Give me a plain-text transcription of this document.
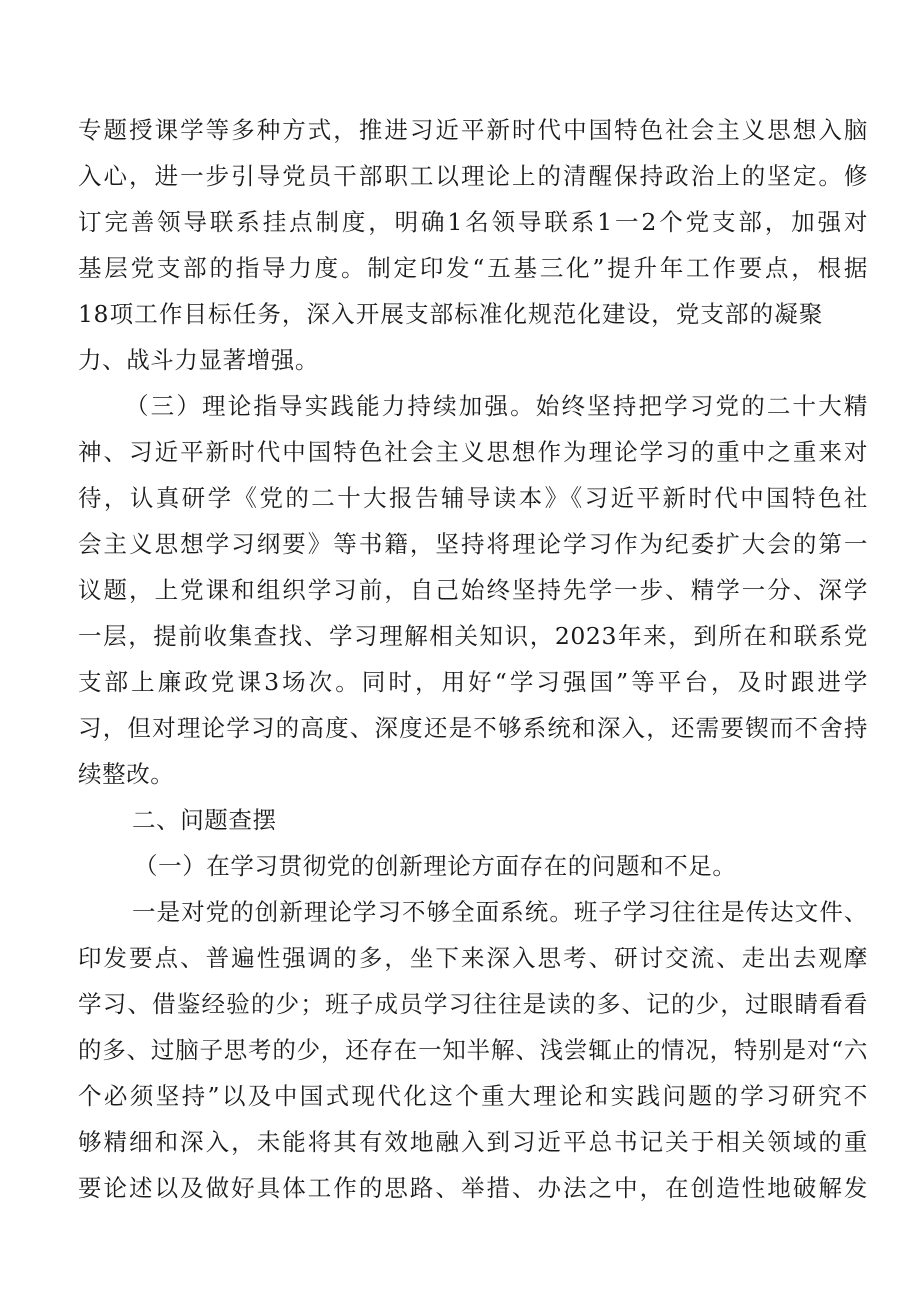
专题授课学等多种方式，推进习近平新时代中国特色社会主义思想入脑
入心，进一步引导党员干部职工以理论上的清醒保持政治上的坚定。修
订完善领导联系挂点制度，明确1名领导联系1一2个党支部，加强对
基层党支部的指导力度。制定印发“五基三化”提升年工作要点，根据
18项工作目标任务，深入开展支部标准化规范化建设，党支部的凝聚
力、战斗力显著增强。
（三）理论指导实践能力持续加强。始终坚持把学习党的二十大精
神、习近平新时代中国特色社会主义思想作为理论学习的重中之重来对
待，认真研学《党的二十大报告辅导读本》《习近平新时代中国特色社
会主义思想学习纲要》等书籍，坚持将理论学习作为纪委扩大会的第一
议题，上党课和组织学习前，自己始终坚持先学一步、精学一分、深学
一层，提前收集查找、学习理解相关知识，2023年来，到所在和联系党
支部上廉政党课3场次。同时，用好“学习强国”等平台，及时跟进学
习，但对理论学习的高度、深度还是不够系统和深入，还需要锲而不舍持
续整改。
二、问题查摆
（一）在学习贯彻党的创新理论方面存在的问题和不足。
一是对党的创新理论学习不够全面系统。班子学习往往是传达文件、
印发要点、普遍性强调的多，坐下来深入思考、研讨交流、走出去观摩
学习、借鉴经验的少；班子成员学习往往是读的多、记的少，过眼睛看看
的多、过脑子思考的少，还存在一知半解、浅尝辄止的情况，特别是对“六
个必须坚持”以及中国式现代化这个重大理论和实践问题的学习研究不
够精细和深入，未能将其有效地融入到习近平总书记关于相关领域的重
要论述以及做好具体工作的思路、举措、办法之中，在创造性地破解发
